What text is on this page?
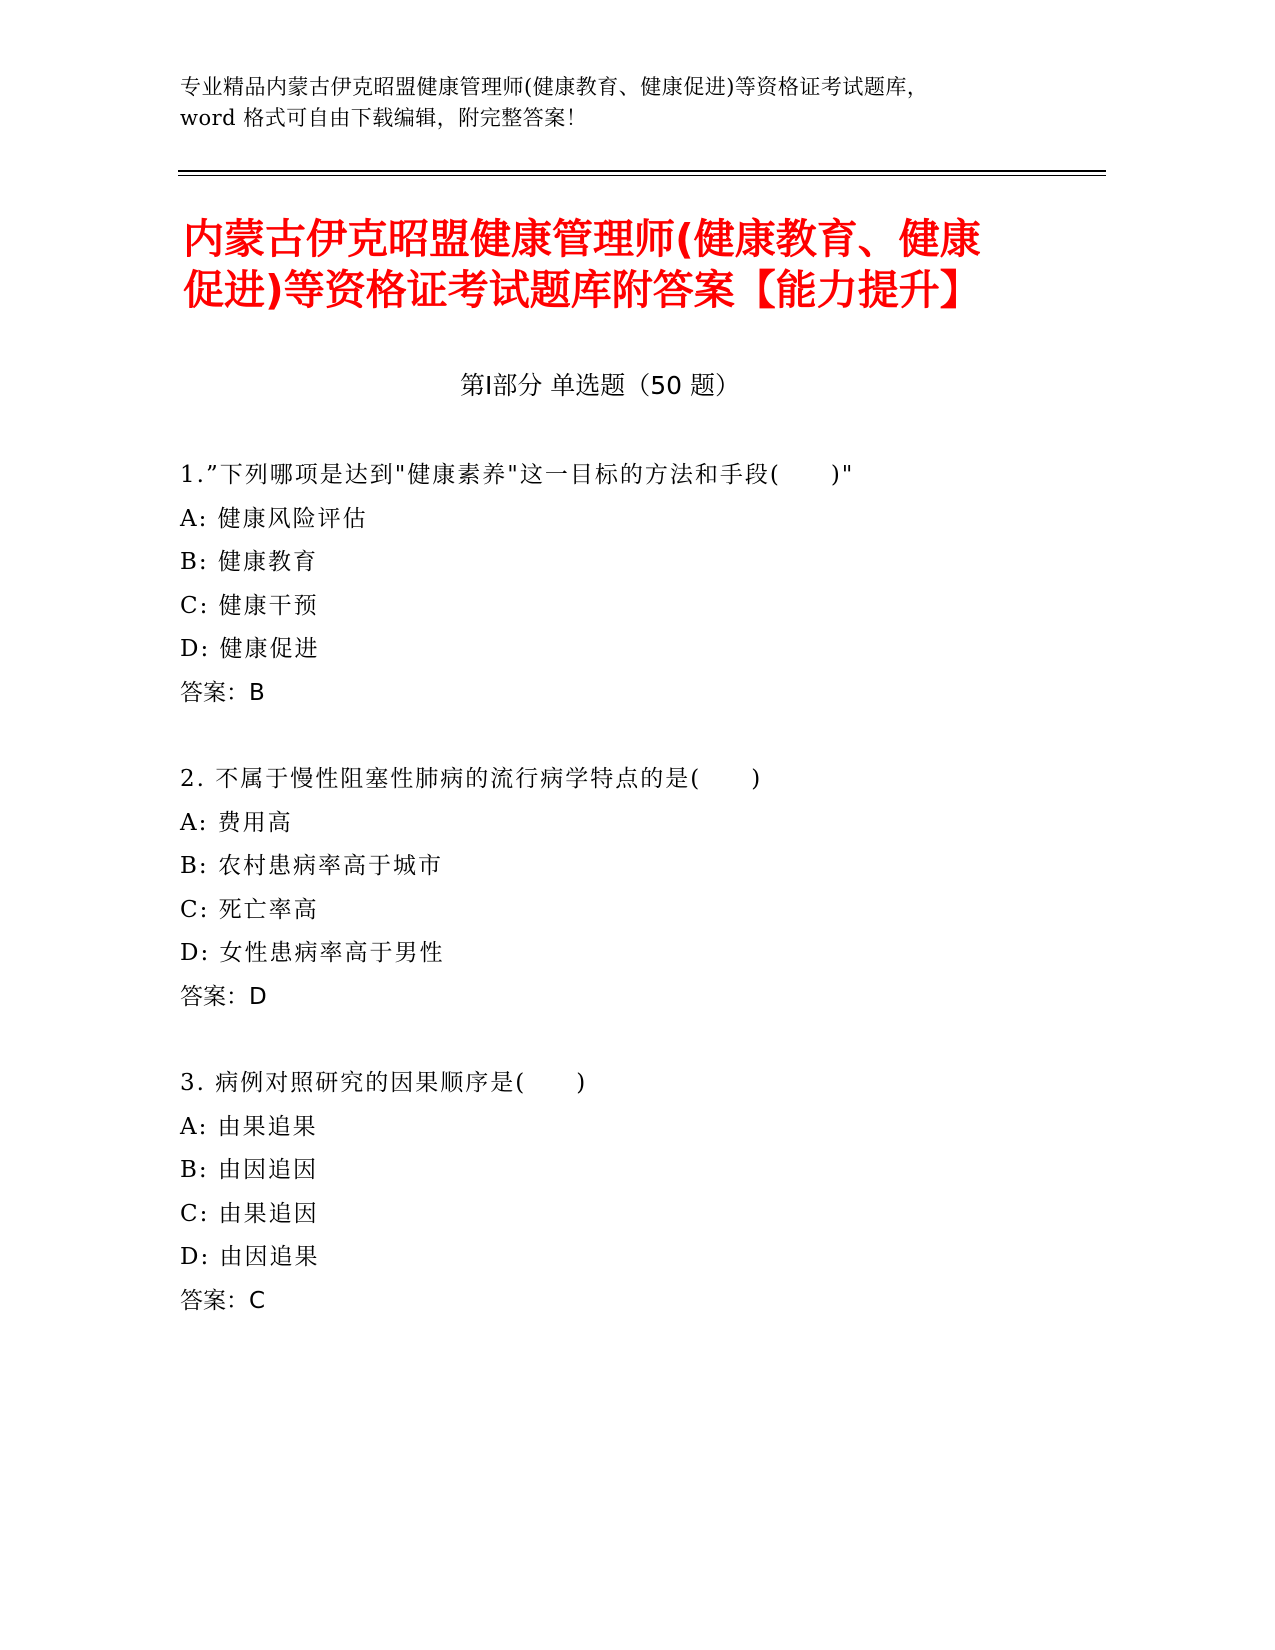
专业精品内蒙古伊克昭盟健康管理师(健康教育、健康促进)等资格证考试题库，
word 格式可自由下载编辑，附完整答案！
内蒙古伊克昭盟健康管理师(健康教育、健康
促进)等资格证考试题库附答案【能力提升】
第Ⅰ部分 单选题（50 题）
1.”下列哪项是达到"健康素养"这一目标的方法和手段(　　)"
A: 健康风险评估
B: 健康教育
C: 健康干预
D: 健康促进
答案：B
2. 不属于慢性阻塞性肺病的流行病学特点的是(　　)
A: 费用高
B: 农村患病率高于城市
C: 死亡率高
D: 女性患病率高于男性
答案：D
3. 病例对照研究的因果顺序是(　　)
A: 由果追果
B: 由因追因
C: 由果追因
D: 由因追果
答案：C
